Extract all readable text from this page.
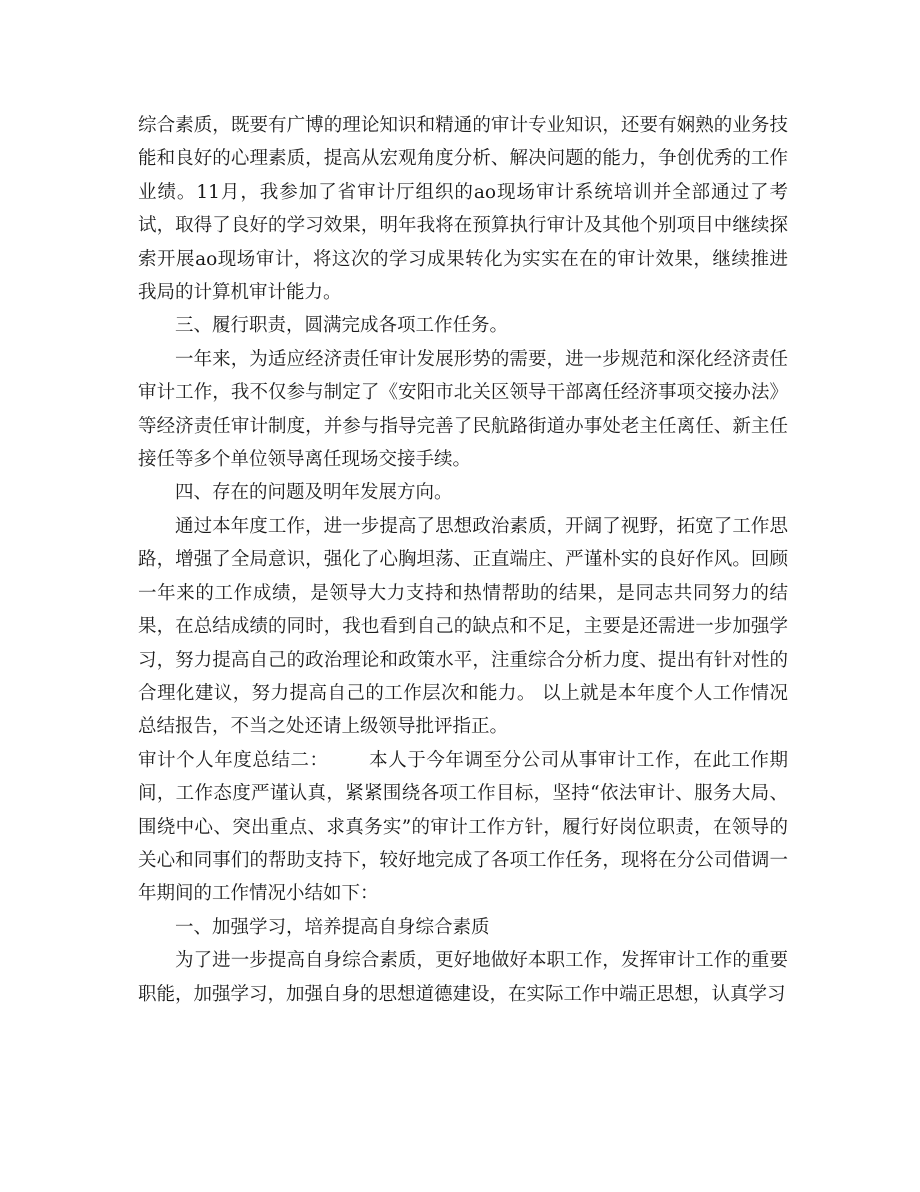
综合素质，既要有广博的理论知识和精通的审计专业知识，还要有娴熟的业务技能和良好的心理素质，提高从宏观角度分析、解决问题的能力，争创优秀的工作业绩。11月，我参加了省审计厅组织的ao现场审计系统培训并全部通过了考试，取得了良好的学习效果，明年我将在预算执行审计及其他个别项目中继续探索开展ao现场审计，将这次的学习成果转化为实实在在的审计效果，继续推进我局的计算机审计能力。

三、履行职责，圆满完成各项工作任务。

一年来，为适应经济责任审计发展形势的需要，进一步规范和深化经济责任审计工作，我不仅参与制定了《安阳市北关区领导干部离任经济事项交接办法》等经济责任审计制度，并参与指导完善了民航路街道办事处老主任离任、新主任接任等多个单位领导离任现场交接手续。

四、存在的问题及明年发展方向。

通过本年度工作，进一步提高了思想政治素质，开阔了视野，拓宽了工作思路，增强了全局意识，强化了心胸坦荡、正直端庄、严谨朴实的良好作风。回顾一年来的工作成绩，是领导大力支持和热情帮助的结果，是同志共同努力的结果，在总结成绩的同时，我也看到自己的缺点和不足，主要是还需进一步加强学习，努力提高自己的政治理论和政策水平，注重综合分析力度、提出有针对性的合理化建议，努力提高自己的工作层次和能力。 以上就是本年度个人工作情况总结报告，不当之处还请上级领导批评指正。

审计个人年度总结二： 本人于今年调至分公司从事审计工作，在此工作期间，工作态度严谨认真，紧紧围绕各项工作目标，坚持“依法审计、服务大局、围绕中心、突出重点、求真务实”的审计工作方针，履行好岗位职责，在领导的关心和同事们的帮助支持下，较好地完成了各项工作任务，现将在分公司借调一年期间的工作情况小结如下：

一、加强学习，培养提高自身综合素质

为了进一步提高自身综合素质，更好地做好本职工作，发挥审计工作的重要职能，加强学习，加强自身的思想道德建设，在实际工作中端正思想，认真学习
